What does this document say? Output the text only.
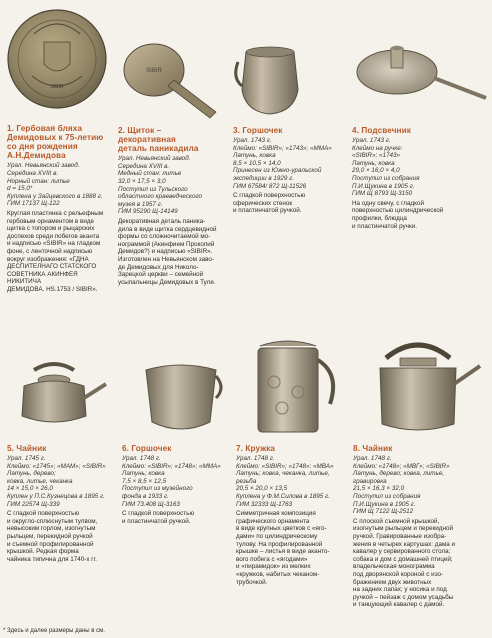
SIBIR
SIBIR
1. Гербовая бляха
Демидовых к 75-летию
со дня рождения
А.Н.Демидова
Урал. Невьянский завод.
Середина XVIII в.
Норный стан: литье
d = 15,0*
Куплена у Зайцевского в 1888 г.
ГИМ 17137 Щ-122
Круглая пластинка с рельефным
гербовым орнаментом в виде
щитка с топором и рыцарских
доспехов среди побегов аканта
и надписью «SIBIR» на гладком
фоне, с ленточной надписью
вокруг изображения: «ГДНА
ДЕСПИТЕЛНАГО СТАТСКОГО
СОВЕТНИКА АКИНФЕЯ НИКИТИЧА
ДЕМИДОВА. HS.1753 / SIBIR».
2. Щиток –
декоративная
деталь паникадила
Урал. Невьянский завод.
Середина XVIII в.
Медный стан: литье
32,0 × 17,5 × 3,0
Поступил из Тульского
областного краеведческого
музея в 1957 г.
ГИМ 95290 Щ-14149
Декоративная деталь паника-
дила в виде щитка сердцевидной
формы со сложночитаемой мо-
нограммой (Акинфием Прокопий
Демидов?) и надписью «SIBIR».
Изготовлен на Невьянском заво-
де Демидовых для Николо-
Зарецкой церкви – семейной
усыпальницы Демидовых в Туле.
3. Горшочек
Урал. 1743 г.
Клеймо: «SIBIR»; «1743»; «ММА»
Латунь, ковка
8,5 × 10,5 × 14,0
Принесен из Южно-уральской
экспедиции в 1929 г.
ГИМ 67584/ 872 Щ-11526
С гладкой поверхностью
сферических стенок
и пластинчатой ручкой.
4. Подсвечник
Урал. 1743 г.
Клеймо на ручке:
«SIBIR»; «1743»
Латунь; ковка
29,0 × 16,0 × 4,0
Поступил из собрания
П.И.Щукина в 1905 г.
ГИМ Щ 8793 Щ-3150
На одну свечу, с гладкой
поверхностью цилиндрической
профилки, блюдца
и пластинчатой ручки.
5. Чайник
Урал. 1745 г.
Клеймо: «1745»; «МАМ»; «SIBIR»
Латунь, дерево;
ковка, литье, чеканка
14 × 15,0 × 26,0
Куплен у П.С.Кузнецова в 1895 г.
ГИМ 22574 Щ-339
С гладкой поверхностью
и округло-сплюснутым тулвом,
невысоким горлом, изогнутым
рыльцем, перекидной ручкой
и съемной профилированной
крышкой. Редкая форма
чайника типична для 1740-х гг.
6. Горшочек
Урал. 1748 г.
Клеймо: «SIBIR»; «1748»; «ММА»
Латунь; ковка
7,5 × 8,5 × 12,5
Поступил из музейного
фонда в 1933 г.
ГИМ 73.408 Щ-3163
С гладкой поверхностью
и пластинчатой ручкой.
7. Кружка
Урал. 1748 г.
Клеймо: «SIBIR»; «1748»; «МВА»
Латунь; ковка, чеканка, литье,
резьба
20,5 × 20,0 × 13,5
Куплена у Ф.М.Силова в 1895 г.
ГИМ 32333 Щ-1763
Симметричная композиция
графического орнамента
в виде крупных цветков с «яго-
дами» по цилиндрическому
тулову. На профилированной
крышке – листья в виде аканто-
вого побега с «ягодами»
и «пирамидок» из мелких
«кружков, набитых чеканом-
трубочкой.
8. Чайник
Урал. 1748 г.
Клеймо: «1748»; «МВГ»; «SIBIR»
Латунь, дерево; ковка, литье,
гравировка
21,5 × 16,3 × 32,0
Поступил из собрания
П.И.Щукина в 1905 г.
ГИМ Щ 7122 Щ-2512
С плоской съемной крышкой,
изогнутым рыльцем и перекидной
ручкой. Гравированные изобра-
жения в четырех картушах: дама и
кавалер у сервированного стола;
собака и дом с домашней птицей;
владельческая монограмма
под дворянской короной с изо-
бражением двух животных
на задних лапах; у носика и под
ручкой – пейзаж с домом усадьбы
и танцующий кавалер с дамой.
* Здесь и далее размеры даны в см.
